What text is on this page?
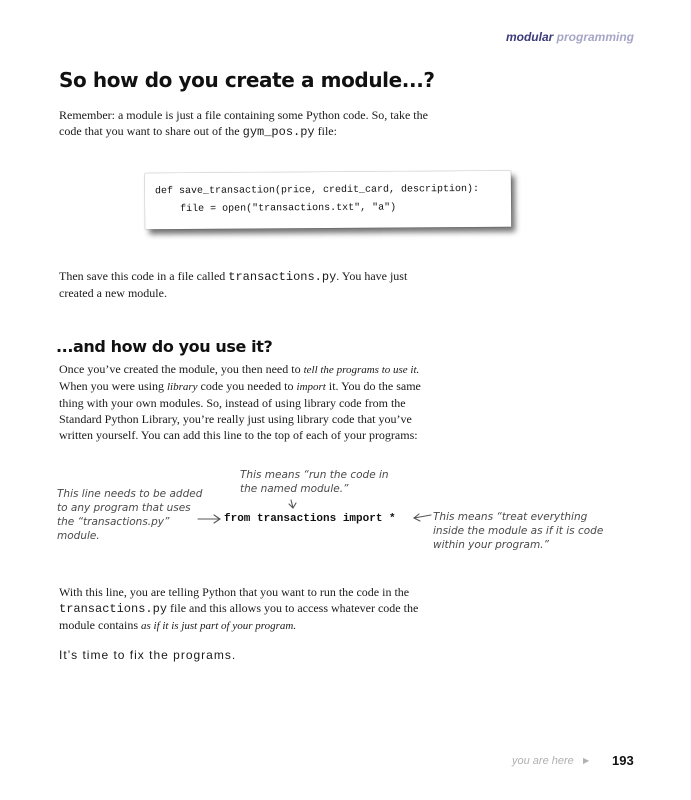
modular programming
So how do you create a module...?

Remember: a module is just a file containing some Python code. So, take the code that you want to share out of the gym_pos.py file:

def save_transaction(price, credit_card, description):
file = open("transactions.txt", "a")

Then save this code in a file called transactions.py. You have just created a new module.

...and how do you use it?

Once you’ve created the module, you then need to tell the programs to use it. When you were using library code you needed to import it. You do the same thing with your own modules. So, instead of using library code from the Standard Python Library, you’re really just using library code that you’ve written yourself. You can add this line to the top of each of your programs:

This means “run the code in the named module.”
This line needs to be added to any program that uses the “transactions.py” module.
from transactions import *	This means “treat everything inside the module as if it is code within your program.”

With this line, you are telling Python that you want to run the code in the transactions.py file and this allows you to access whatever code the module contains as if it is just part of your program.

It’s time to fix the programs.
you are here ▶ 193
